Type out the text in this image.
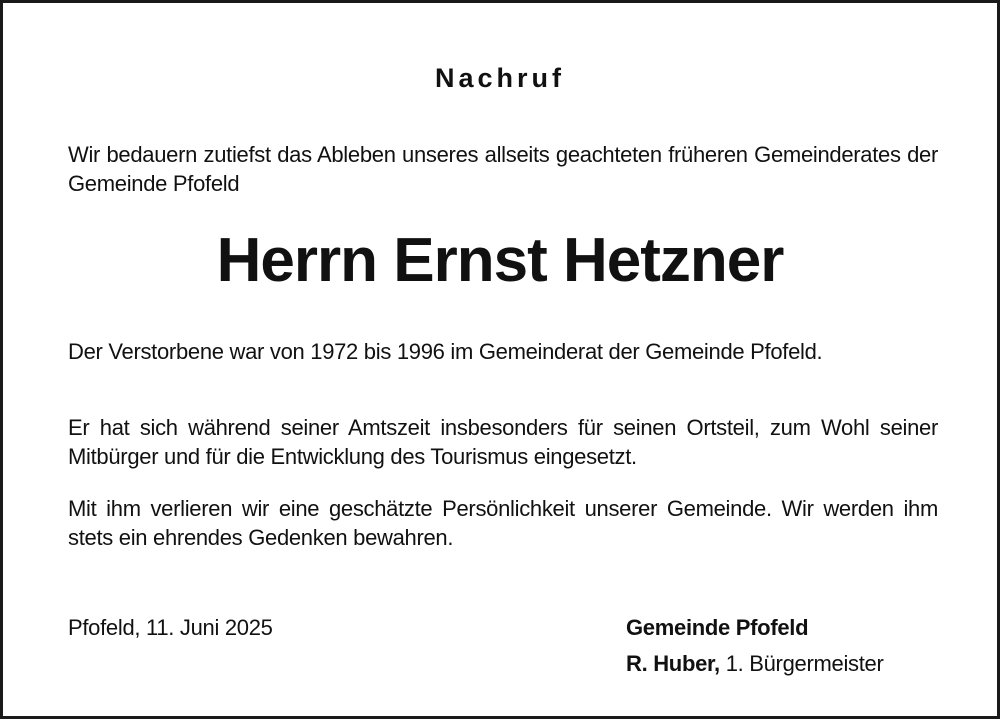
Nachruf
Wir bedauern zutiefst das Ableben unseres allseits geachteten früheren Gemeinderates der Gemeinde Pfofeld
Herrn Ernst Hetzner
Der Verstorbene war von 1972 bis 1996 im Gemeinderat der Gemeinde Pfofeld.
Er hat sich während seiner Amtszeit insbesonders für seinen Ortsteil, zum Wohl seiner Mitbürger und für die Entwicklung des Tourismus eingesetzt.
Mit ihm verlieren wir eine geschätzte Persönlichkeit unserer Gemeinde. Wir werden ihm stets ein ehrendes Gedenken bewahren.
Pfofeld, 11. Juni 2025	Gemeinde Pfofeld
R. Huber, 1. Bürgermeister
